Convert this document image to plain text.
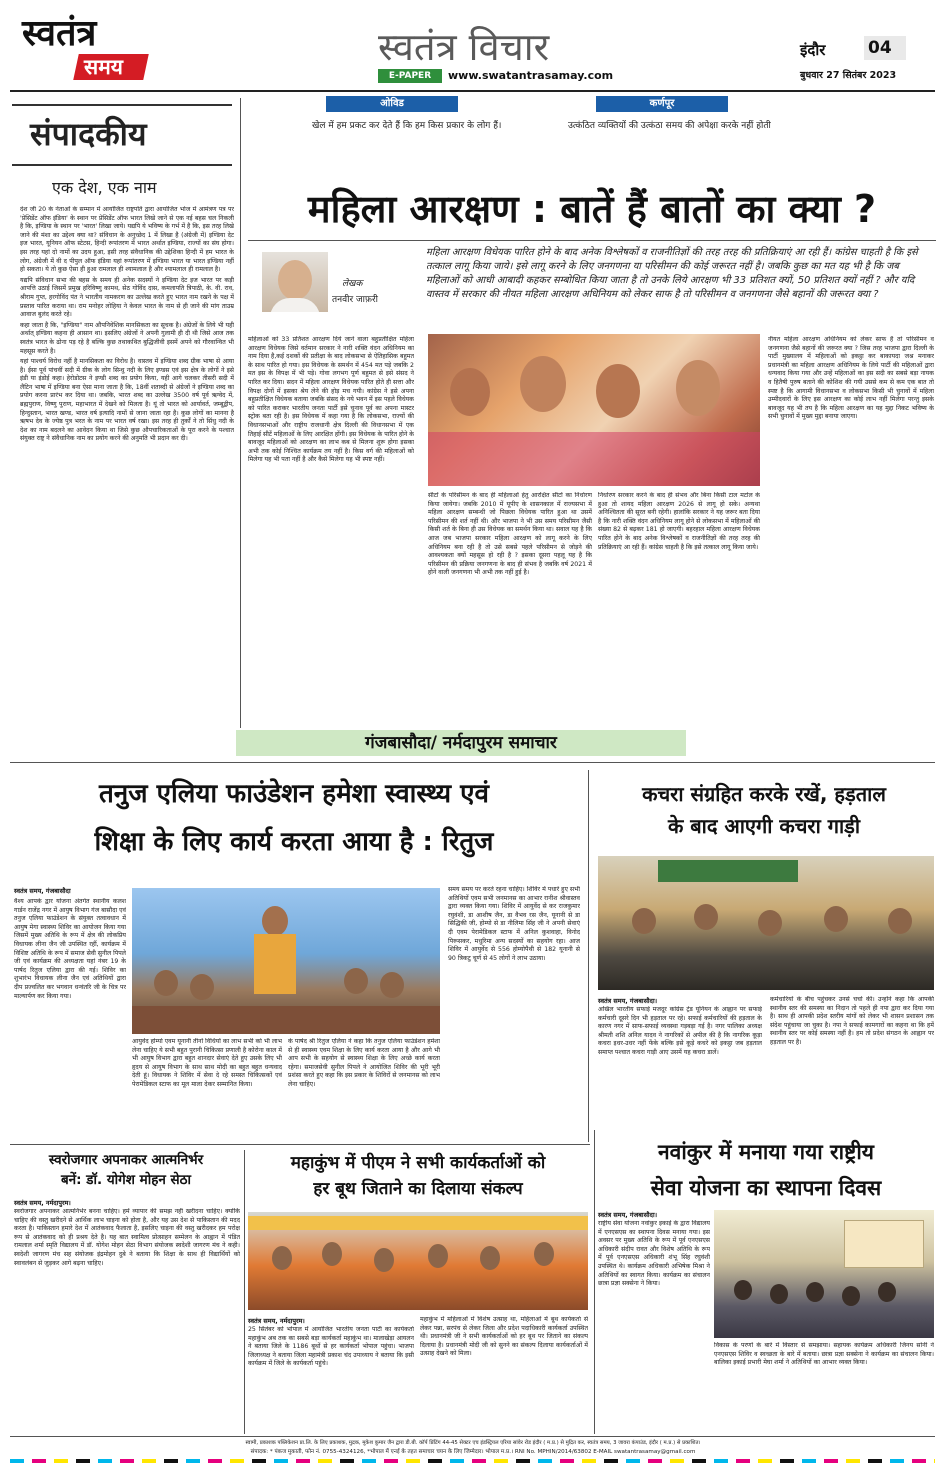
स्वतंत्र
समय	स्वतंत्र विचार
E-PAPER	www.swatantrasamay.com
इंदौर	04
बुधवार 27 सितंबर 2023
संपादकीय
एक देश, एक नाम

देश जी 20 के नेताओं के सम्मान में आयोजित राष्ट्रपति द्वारा आयोजित भोज में आमंत्रण पत्र पर 'प्रेसिडेंट ऑफ इंडिया' के स्थान पर प्रेसिडेंट ऑफ भारत लिखे जाने से एक नई बहस चल निकली है कि, इण्डिया के स्थान पर 'भारत' लिखा जाये। यद्यपि ये भविष्य के गर्भ में है कि, इस तरह लिखे जाने की मंशा का उद्देश्य क्या था? संविधान के अनुच्छेद 1 में लिखा है (अंग्रेजी में) इण्डिया देट इज भारत, यूनियन ऑफ स्टेटस, हिन्दी रूपांतरण में भारत अर्थात इण्डिया, राज्यों का संघ होगा। इस तरह यहां दो नामों का उदय हुआ, इसी तरह संवैधानिक की उद्देशिका हिन्दी में हम भारत के लोग, अंग्रेजी में वी द पीपुल ऑफ इंडिया यहां रूपांतरण में इण्डिया भारत या भारत इण्डिया नहीं हो सकता। ये तो कुछ ऐसा ही हुआ रामलाल ही श्यामलाल है और श्यामलाल ही रामलाल है।

यद्यपि संविधान सभा की बहस के समय ही अनेक सदस्यों ने इण्डिया देट इज भारत पर कड़ी आपत्ति उठाई जिसमें प्रमुख हरिविष्णु कामथ, सेठ गोविंद दास, कमलापति त्रिपाठी, के. वी. राव, श्रीराम गुप्त, हरगोविंद पंत ने भारतीय नामकरण का उल्लेख करते हुए भारत नाम रखने के पक्ष में प्रस्ताव पारित कराया था। राम मनोहर लोहिया ने केवल भारत के नाम से ही जाने की मांग ताउम्र आवाज बुलंद करते रहे।

कहा जाता है कि, "इण्डिया" नाम औपनिवेशिक मानसिकता का सूचक है। अंग्रेजों के लिये भी यही अर्थात् इण्डिया कहना ही आसान था। इसलिए अंग्रेजों ने अपनी गुलामी ही दी थी जिसे आज तक स्वतंत्र भारत के ढोना पड़ रहे है बल्कि कुछ तथाकथित बुद्धिजीवी इसमें अपने को गौरवान्वित भी महसूस करते है।

यहां पाश्चर्य विरोध नहीं है मानसिकता का विरोध है। वास्तव में इण्डिया शब्द ग्रीक भाषा से आया है। ईसा पूर्व पांचवीं सदी में ग्रीक के लोग सिन्धु नदी के लिए इण्डस एवं इस क्षेत्र के लोगों ने इसे इंडी या इंडोई कहा। हेरोडोटस ने इण्डी शब्द का प्रयोग किया, यही आगे चलकर तीसरी सदी में लैटिन भाषा में इण्डिया बना ऐसा माना जाता है कि, 18वीं शताब्दी से अंग्रेजों ने इण्डिया शब्द का प्रयोग करना प्रारंभ कर दिया था। जबकि, भारत शब्द का उल्लेख 3500 वर्ष पूर्व ऋग्वेद में, ब्रह्मपुराण, विष्णु पुराण, महाभारत में देखने को मिलता है। यूं तो भारत को आर्यावर्त, जम्बूद्वीप, हिन्दुस्तान, भारत खण्ड, भारत वर्ष इत्यादि नामों से जाना जाता रहा है। कुछ लोगों का मानना है ऋषभ देव के ज्येष्ठ पुत्र भरत के नाम पर भारत वर्ष रखा। इस तरह ही तुर्कों ने तो सिंधु नदी के देश का नाम बदलने का आवेदन किया था जिसे कुछ औपचारिकताओं के पूरा करने के पश्चात संयुक्त राष्ट्र ने संवैधानिक नाम का प्रयोग करने की अनुमति भी प्रदान कर दी।

ओविड
खेल में हम प्रकट कर देते हैं कि हम किस प्रकार के लोग हैं।
कर्णपूर
उत्कंठित व्यक्तियों की उत्कंठा समय की अपेक्षा करके नहीं होती
महिला आरक्षण : बातें हैं बातों का क्या ?
लेखक
तनवीर जाफ़री
महिला आरक्षण विधेयक पारित होने के बाद अनेक विश्लेषकों व राजनीतिज्ञों की तरह तरह की प्रतिक्रियाएं आ रही हैं। कांग्रेस चाहती है कि इसे तत्काल लागू किया जाये। इसे लागू करने के लिए जनगणना या परिसीमन की कोई जरूरत नहीं है। जबकि कुछ का मत यह भी है कि जब महिलाओं को आधी आबादी कहकर सम्बोधित किया जाता है तो उनके लिये आरक्षण भी 33 प्रतिशत क्यों, 50 प्रतिशत क्यों नहीं ? और यदि वास्तव में सरकार की नीयत महिला आरक्षण अधिनियम को लेकर साफ है तो परिसीमन व जनगणना जैसे बहानों की जरूरत क्या ?
महिलाओं को 33 प्रतिशत आरक्षण दिये जाने वाला बहुप्रतीक्षित महिला आरक्षण विधेयक जिसे वर्तमान सरकार ने नारी शक्ति वंदन अधिनियम का नाम दिया है,कई दशकों की प्रतीक्षा के बाद लोकसभा से ऐतिहासिक बहुमत के साथ पारित हो गया। इस विधेयक के समर्थन में 454 मत पड़े जबकि 2 मत इस के विपक्ष में भी पड़े। गोवा लगभग पूर्ण बहुमत से इसे संसद ने पारित कर दिया। सदन में महिला आरक्षण विधेयक पारित होते ही सत्ता और विपक्ष दोनों में इसका श्रेय लेने की होड़ मच गयी। कांग्रेस ने इसे अपना बहुप्रतीक्षित विधेयक बताया जबकि संसद के नये भवन में इस पहले विधेयक को पारित कराकर भारतीय जनता पार्टी इसे चुनाव पूर्व का अपना मास्टर स्ट्रोक बता रही है। इस विधेयक में कहा गया है कि लोकसभा, राज्यों की विधानसभाओं और राष्ट्रीय राजधानी क्षेत्र दिल्ली की विधानसभा में एक तिहाई सीटें महिलाओं के लिए आरक्षित होंगी। इस विधेयक के पारित होने के बावजूद महिलाओं को आरक्षण का लाभ कब से मिलना शुरू होगा इसका अभी तक कोई निश्चित कार्यक्रम तय नहीं है। किस वर्ग की महिलाओं को मिलेगा यह भी पता नहीं है और कैसे मिलेगा यह भी स्पष्ट नहीं।
सीटों के परिसीमन के बाद ही महिलाओं हेतु आरक्षित सीटों का निर्धारण किया जायेगा। जबकि 2010 में यूपीए के शासनकाल में राज्यसभा में महिला आरक्षण सम्बन्धी जो पिछला विधेयक पारित हुआ था उसमें परिसीमन की शर्त नहीं थी। और भाजपा ने भी उस समय परिसीमन जैसी किसी शर्त के बिना ही उस विधेयक का समर्थन किया था। सवाल यह है कि आज जब भाजपा सरकार महिला आरक्षण को लागू करने के लिए अधिनियम बना रही है तो उसे सबसे पहले परिसीमन से जोड़ने की आवश्यकता क्यों महसूस हो रही है ? इसका दूसरा पहलू यह है कि परिसीमन की प्रक्रिया जनगणना के बाद ही संभव है जबकि वर्ष 2021 में होने वाली जनगणना भी अभी तक नहीं हुई है।
निर्धारण सरकार करने के बाद ही संभव और बिना किसी टाल मटोल के हुआ तो शायद महिला आरक्षण 2026 से लागू हो सके। अन्यथा अनिश्चितता की सूरत बनी रहेगी। हालांकि सरकार ने यह जरूर बता दिया है कि नारी शक्ति वंदन अधिनियम लागू होने से लोकसभा में महिलाओं की संख्या 82 से बढ़कर 181 हो जाएगी। बहरहाल महिला आरक्षण विधेयक पारित होने के बाद अनेक विश्लेषकों व राजनीतिज्ञों की तरह तरह की प्रतिक्रियाएं आ रही हैं। कांग्रेस चाहती है कि इसे तत्काल लागू किया जाये।
नीयत महिला आरक्षण अधिनियम को लेकर साफ है तो परिसीमन व जनगणना जैसे बहानों की जरूरत क्या ? जिस तरह भाजपा द्वारा दिल्ली के पार्टी मुख्यालय में महिलाओं को इकट्ठा कर बाकायदा जश्न मनाकर प्रधानमंत्री का महिला आरक्षण अधिनियम के लिये पार्टी की महिलाओं द्वारा धन्यवाद किया गया और उन्हें महिलाओं का इस सदी का सबसे बड़ा नायक व हितैषी पुरुष बताने की कोशिश की गयी उससे कम से कम एक बात तो स्पष्ट है कि आगामी विधानसभा व लोकसभा किसी भी चुनावों में महिला उम्मीदवारों के लिए इस आरक्षण का कोई लाभ नहीं मिलेगा परन्तु इसके बावजूद यह भी तय है कि महिला आरक्षण का यह मुद्दा निकट भविष्य के सभी चुनावों में मुख्य मुद्दा बनाया जाएगा।
गंजबासौदा/ नर्मदापुरम समाचार
तनुज एलिया फाउंडेशन हमेशा स्वास्थ्य एवं
शिक्षा के लिए कार्य करता आया है : रितुज
स्वतंत्र समय, गंजबासौदा
वैश्य आपके द्वार योजना अंतर्गत स्थानीय कलश गार्डन राजेंद्र नगर में आयुष विभाग गंज बासौदा एवं तनुज एलिया फाउंडेशन के संयुक्त तत्वावधान में आयुष मेगा स्वास्थ्य शिविर का आयोजन किया गया जिसमें मुख्य अतिथि के रूप में क्षेत्र की लोकप्रिय विधायक लीना जैन जी उपस्थित रहीं, कार्यक्रम में विशिष्ट अतिथि के रूप में समाज सेवी सुनील पिपले जी एवं कार्यक्रम की अध्यक्षता यहां नंबर 19 के पार्षद रितुज एलिया द्वारा की गई। शिविर का शुभारंभ विधायक लीना जैन एवं अतिथियों द्वारा दीप प्रज्वलित कर भगवान धन्वंतरि जी के चित्र पर माल्यार्पण कर किया गया।
आयुर्वेद होम्यो एवम यूनानी तीनों विधियों का लाभ सभी को भी लाभ लेना चाहिए ये सभी बहुत पुरानी चिकित्सा प्रणाली है कोरोना काल में भी आयुष विभाग द्वारा बहुत शानदार सेवाएं देते हुए उसके लिए भी हृदय से आयुष विभाग के साथ साथ मोदी का बहुत बहुत धन्यवाद देती हूं। विधायक ने शिविर में सेवा दे रहे समस्त चिकित्सकों एवं पेरामेडिकल स्टाफ का मूल माला देकर सम्मानित किया।
के पार्षद श्री रितुज एलिया ने कहा कि तनुज एलिया फाउंडेशन हमेशा से ही स्वास्थ्य एवम शिक्षा के लिए कार्य करता आया है और आगे भी आप सभी के सहयोग से स्वास्थ्य शिक्षा के लिए अच्छे कार्य करता रहेगा। समाजसेवी सुनील पिपले ने आयोजित शिविर की भूरी भूरी प्रशंसा करते हुए कहा कि इस प्रकार के शिविरों से जनमानस को लाभ लेना चाहिए।
समय समय पर करते रहना चाहिए। शिविर में पधारे हुए सभी अतिथियों एवम सभी जनमानस का आभार रानीश श्रीवास्तव द्वारा व्यक्त किया गया। शिविर में आयुर्वेद से कर राजकुमार रघुवंशी, डा आशीष जैन, डा वैभव रस जैन, यूनानी से डा सिद्धिकी जी, होम्यो से डा नीलिमा सिंह जी ने अपनी सेवाएं दी एवम पेरामेडिकल स्टाफ में अनिल कुशवाहा, विनोद पिरूसकर, मधुरिमा अन्य सदस्यों का सहयोग रहा। आज शिविर में आयुर्वेद से 556 होम्योपैथी से 182 यूनानी से 90 त्रिकटु चूर्ण से 45 लोगों ने लाभ उठाया।
कचरा संग्रहित करके रखें, हड़ताल
के बाद आएगी कचरा गाड़ी
स्वतंत्र समय, गंजबासौदा।
अखिल भारतीय सफाई मजदूर कांग्रेस ट्रेड यूनियन के आह्वान पर सफाई कर्मचारी दूसरे दिन भी हड़ताल पर रहे। सफाई कर्मचारियों की हड़ताल के कारण नगर में साफ-सफाई व्यवस्था गड़बड़ा गई है। नगर पालिका अध्यक्ष श्रीमती शशि अनिल यादव ने नागरिकों से अपील की है कि नागरिक कूड़ा कचरा इधर-उधर नहीं फेंके बल्कि इसे कूड़े कचरे को इकट्ठा जब हड़ताल समाप्त पश्चात कचरा गाड़ी आए उसमें यह कचरा डालें।
कर्मचारियों के बीच पहुंचकर उनसे चर्चा की। उन्होंने कहा कि आपकी स्थानीय स्तर की समस्या का निदान तो पहले ही नपा द्वारा कर दिया गया है। साथ ही आपकी प्रदेश स्तरीय मांगों को लेकर भी शासन प्रशासन तक संदेश पहुंचाया जा चुका है। नपा ने सफाई कामगारों का कहना था कि हमें स्थानीय स्तर पर कोई समस्या नहीं है। हम तो प्रदेश संगठन के आह्वान पर हड़ताल पर है।
स्वरोजगार अपनाकर आत्मनिर्भर
बनें: डॉ. योगेश मोहन सेठा
स्वतंत्र समय, नर्मदापुरम।
स्वरोजगार अपनाकर आत्मनिर्भर बनना चाहिए। हमें व्यापार की समझ नहीं खरीदना चाहिए। क्योंकि चाहिए की वस्तु खरीदने से आर्थिक लाभ चाइना को होता है, और यह उस देश से पाकिस्तान की मदद करता है। पाकिस्तान हमारे देश में आतंकवाद फैलाता है, इसलिए चाइना की वस्तु खरीदकर हम परोक्ष रूप से आतंकवाद को ही प्रश्रय देते है। यह बात स्वामित्व प्रोत्साहन सम्मेलन के आह्वान में पंडित रामलाल शर्मा स्मृति विद्यालय में डॉ. योगेश मोहन सेठा विभाग संयोजक स्वदेशी जागरण मंच ने कही। स्वदेशी जागरण मंच सह संयोजक इंद्रमोहन दुबे ने बताया कि शिक्षा के साथ ही विद्यार्थियों को स्वावलंबन से जुड़कर आगे बढ़ना चाहिए।
महाकुंभ में पीएम ने सभी कार्यकर्ताओं को
हर बूथ जिताने का दिलाया संकल्प
स्वतंत्र समय, नर्मदापुरम।
25 सितंबर को भोपाल में आयोजित भारतीय जनता पार्टी का कार्यकर्ता महाकुंभ अब तक का सबसे बड़ा कार्यकर्ता महाकुंभ था। मालाखेड़ा आयलन ने बताया जिले के 1186 बूथों से हर कार्यकर्ता भोपाल पहुंचा। भाजपा जिलाध्यक्ष ने बताया जिला महामंत्री प्रकाश चंद उपाध्याय ने बताया कि इसी कार्यक्रम में जिले के कार्यकर्ता पहुंचे।
महाकुंभ में महिलाओं में विशेष उत्साह था, महिलाओं में बूथ कार्यकर्ता से लेकर पन्ना, सरपंच से लेकर जिला और प्रदेश पदाधिकारी कार्यकर्ता उपस्थित थी। प्रधानमंत्री जी ने सभी कार्यकर्ताओं को हर बूथ पर जिताने का संकल्प दिलाया है। प्रधानमंत्री मोदी जी को सुनने का संकल्प दिलाया कार्यकर्ताओं में उत्साह देखने को मिला।
नवांकुर में मनाया गया राष्ट्रीय
सेवा योजना का स्थापना दिवस
स्वतंत्र समय, गंजबासौदा।
राष्ट्रीय सेवा योजना नवांकुर इकाई के द्वारा विद्यालय में एनएसएस का स्थापना दिवस मनाया गया। इस अवसर पर मुख्य अतिथि के रूप में पूर्व एनएसएस अधिकारी संदीप रावत और विशेष अतिथि के रूप में पूर्व एनएसएस अधिकारी शंभू सिंह रघुवंशी उपस्थित थे। कार्यक्रम अधिकारी अभिषेक मिश्रा ने अतिथियों का स्वागत किया। कार्यक्रम का संचालन छात्रा प्रज्ञा सक्सेना ने किया।
विकास के परणों के बारे में विस्तार से समझाया। सहायक कार्यक्रम अधिकारी जिनय सोनी ने एनएसएस शिविर व स्वच्छता के बारे में बताया। छात्रा प्रज्ञा सक्सेना ने कार्यक्रम का संचालन किया। बालिका इकाई प्रभारी मेघा शर्मा ने अतिथियों का आभार व्यक्त किया।
स्वामी, प्रकाशक पब्लिकेशन प्रा.लि. के लिए प्रकाशक, मुद्रक, मुकेश कुमार जैन द्वारा डी.बी. कॉर्प प्रिंटिंग 44-45 सेक्टर एच इंडस्ट्रियल एरिया सांवेर रोड इंदौर ( म.प्र.) से मुद्रित कर, स्वतंत्र समय, 3 जावरा कंपाउंड, इंदौर ( म.प्र.) से प्रकाशित।
संपादक: * पंकज मुकाती, फोन नं. 0755-4324126, *भोपाल में एनई के तहत समाचार चयन के लिए जिम्मेदार। भोपाल म.प्र.। RNI No. MPHIN/2014/63802 E-MAIL swatantrasamay@gmail.com
